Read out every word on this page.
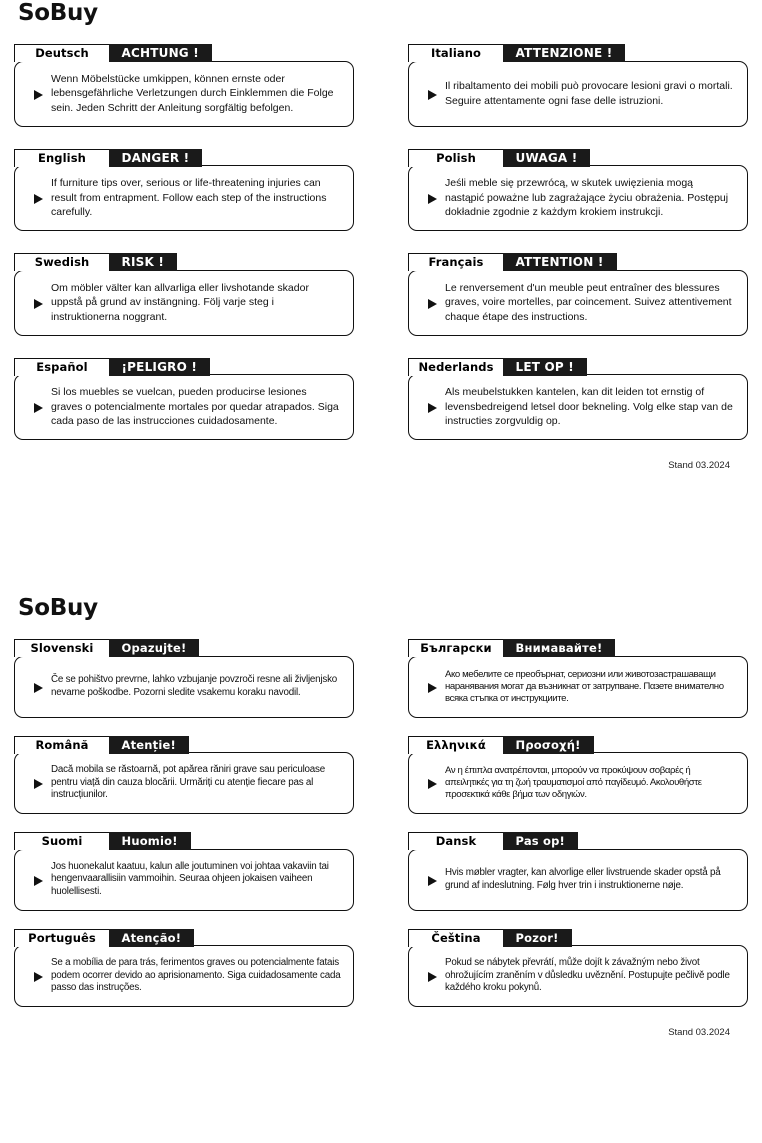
SoBuy
Deutsch	ACHTUNG !
Wenn Möbelstücke umkippen, können ernste oder lebensgefährliche Verletzungen durch Einklemmen die Folge sein. Jeden Schritt der Anleitung sorgfältig befolgen.
Italiano	ATTENZIONE !
Il ribaltamento dei mobili può provocare lesioni gravi o mortali. Seguire attentamente ogni fase delle istruzioni.
English	DANGER !
If furniture tips over, serious or life-threatening injuries can result from entrapment. Follow each step of the instructions carefully.
Polish	UWAGA !
Jeśli meble się przewrócą, w skutek uwięzienia mogą nastąpić poważne lub zagrażające życiu obrażenia. Postępuj dokładnie zgodnie z każdym krokiem instrukcji.
Swedish	RISK !
Om möbler välter kan allvarliga eller livshotande skador uppstå på grund av instängning. Följ varje steg i instruktionerna noggrant.
Français	ATTENTION !
Le renversement d'un meuble peut entraîner des blessures graves, voire mortelles, par coincement. Suivez attentivement chaque étape des instructions.
Español	¡PELIGRO !
Si los muebles se vuelcan, pueden producirse lesiones graves o potencialmente mortales por quedar atrapados. Siga cada paso de las instrucciones cuidadosamente.
Nederlands	LET OP !
Als meubelstukken kantelen, kan dit leiden tot ernstig of levensbedreigend letsel door bekneling. Volg elke stap van de instructies zorgvuldig op.
Stand 03.2024
SoBuy
Slovenski	Opazujte!
Če se pohištvo prevrne, lahko vzbujanje povzroči resne ali življenjsko nevarne poškodbe. Pozorni sledite vsakemu koraku navodil.
Български	Внимавайте!
Ако мебелите се преобърнат, сериозни или животозастрашаващи наранявания могат да възникнат от затрупване. Παзете внимателно всяка стъпка от инструкциите.
Română	Atenție!
Dacă mobila se răstoarnă, pot apărea răniri grave sau periculoase pentru viață din cauza blocării. Urmăriți cu atenție fiecare pas al instrucțiunilor.
Ελληνικά	Προσοχή!
Αν η έπιπλα ανατρέπονται, μπορούν να προκύψουν σοβαρές ή απειλητικές για τη ζωή τραυματισμοί από παγίδευμό. Ακολουθήστε προσεκτικά κάθε βήμα των οδηγιών.
Suomi	Huomio!
Jos huonekalut kaatuu, kalun alle joutuminen voi johtaa vakaviin tai hengenvaarallisiin vammoihin. Seuraa ohjeen jokaisen vaiheen huolellisesti.
Dansk	Pas op!
Hvis møbler vragter, kan alvorlige eller livstruende skader opstå på grund af indeslutning. Følg hver trin i instruktionerne nøje.
Português	Atenção!
Se a mobília de para trás, ferimentos graves ou potencialmente fatais podem ocorrer devido ao aprisionamento. Siga cuidadosamente cada passo das instruções.
Čeština	Pozor!
Pokud se nábytek převrátí, může dojít k závažným nebo život ohrožujícím zraněním v důsledku uvěznění. Postupujte pečlivě podle každého kroku pokynů.
Stand 03.2024
